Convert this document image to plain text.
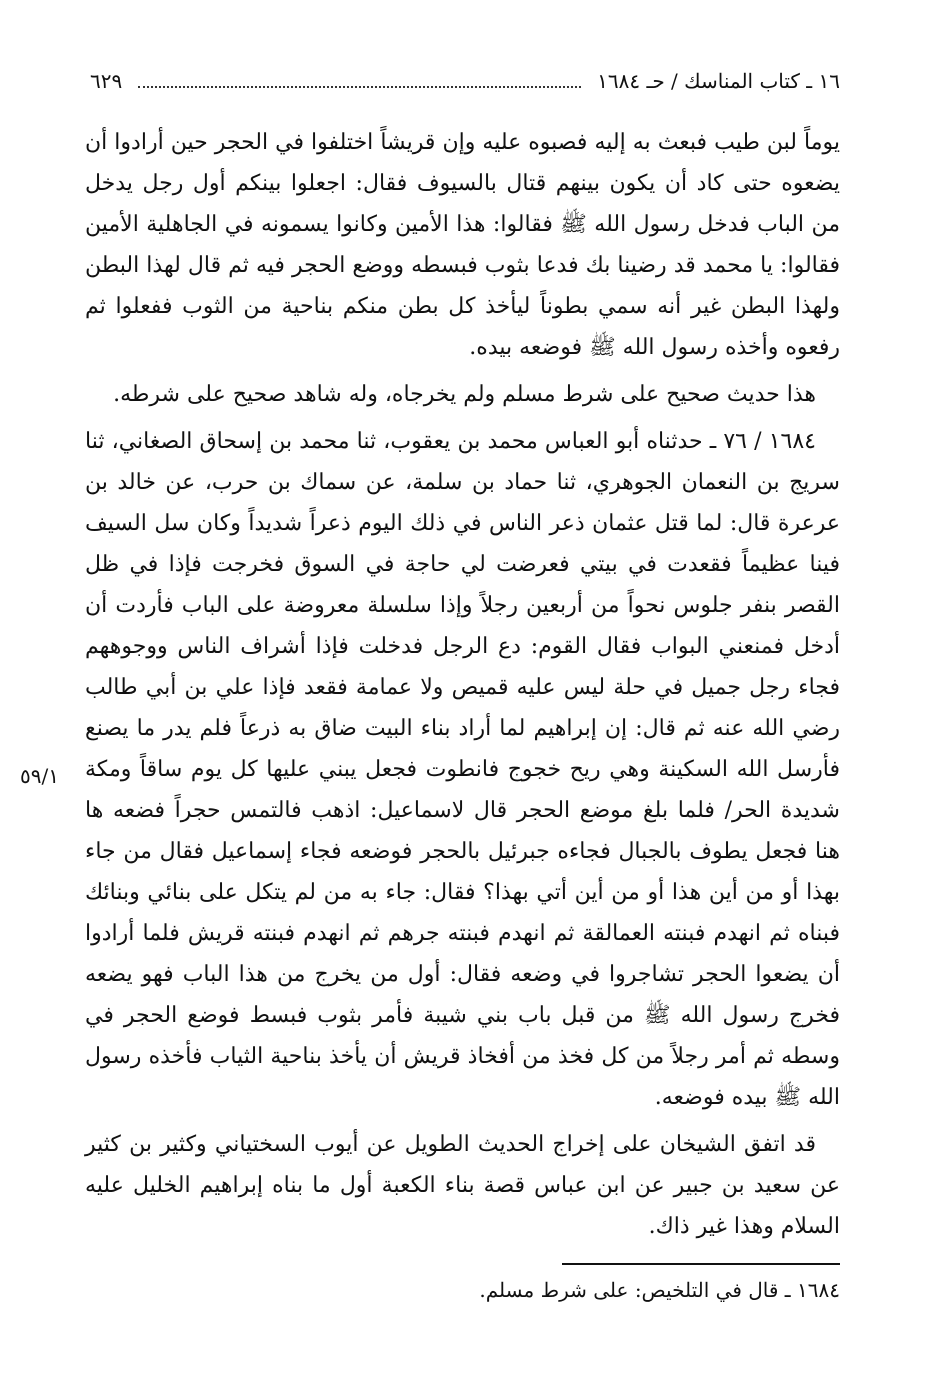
١٦ ـ كتاب المناسك / حـ ١٦٨٤
٦٢٩

يوماً لبن طيب فبعث به إليه فصبوه عليه وإن قريشاً اختلفوا في الحجر حين أرادوا أن يضعوه حتى كاد أن يكون بينهم قتال بالسيوف فقال: اجعلوا بينكم أول رجل يدخل من الباب فدخل رسول الله ﷺ فقالوا: هذا الأمين وكانوا يسمونه في الجاهلية الأمين فقالوا: يا محمد قد رضينا بك فدعا بثوب فبسطه ووضع الحجر فيه ثم قال لهذا البطن ولهذا البطن غير أنه سمي بطوناً ليأخذ كل بطن منكم بناحية من الثوب ففعلوا ثم رفعوه وأخذه رسول الله ﷺ فوضعه بيده.

هذا حديث صحيح على شرط مسلم ولم يخرجاه، وله شاهد صحيح على شرطه.

١٦٨٤ / ٧٦ ـ حدثناه أبو العباس محمد بن يعقوب، ثنا محمد بن إسحاق الصغاني، ثنا سريج بن النعمان الجوهري، ثنا حماد بن سلمة، عن سماك بن حرب، عن خالد بن عرعرة قال: لما قتل عثمان ذعر الناس في ذلك اليوم ذعراً شديداً وكان سل السيف فينا عظيماً فقعدت في بيتي فعرضت لي حاجة في السوق فخرجت فإذا في ظل القصر بنفر جلوس نحواً من أربعين رجلاً وإذا سلسلة معروضة على الباب فأردت أن أدخل فمنعني البواب فقال القوم: دع الرجل فدخلت فإذا أشراف الناس ووجوههم فجاء رجل جميل في حلة ليس عليه قميص ولا عمامة فقعد فإذا علي بن أبي طالب رضي الله عنه ثم قال: إن إبراهيم لما أراد بناء البيت ضاق به ذرعاً فلم يدر ما يصنع فأرسل الله السكينة وهي ريح خجوج فانطوت فجعل يبني عليها كل يوم ساقاً ومكة شديدة الحر/ فلما بلغ موضع الحجر قال لاسماعيل: اذهب فالتمس حجراً فضعه ها هنا فجعل يطوف بالجبال فجاءه جبرئيل بالحجر فوضعه فجاء إسماعيل فقال من جاء بهذا أو من أين هذا أو من أين أتي بهذا؟ فقال: جاء به من لم يتكل على بنائي وبنائك فبناه ثم انهدم فبنته العمالقة ثم انهدم فبنته جرهم ثم انهدم فبنته قريش فلما أرادوا أن يضعوا الحجر تشاجروا في وضعه فقال: أول من يخرج من هذا الباب فهو يضعه فخرج رسول الله ﷺ من قبل باب بني شيبة فأمر بثوب فبسط فوضع الحجر في وسطه ثم أمر رجلاً من كل فخذ من أفخاذ قريش أن يأخذ بناحية الثياب فأخذه رسول الله ﷺ بيده فوضعه.

قد اتفق الشيخان على إخراج الحديث الطويل عن أيوب السختياني وكثير بن كثير عن سعيد بن جبير عن ابن عباس قصة بناء الكعبة أول ما بناه إبراهيم الخليل عليه السلام وهذا غير ذاك.

٥٩/١
١٦٨٤ ـ قال في التلخيص: على شرط مسلم.
